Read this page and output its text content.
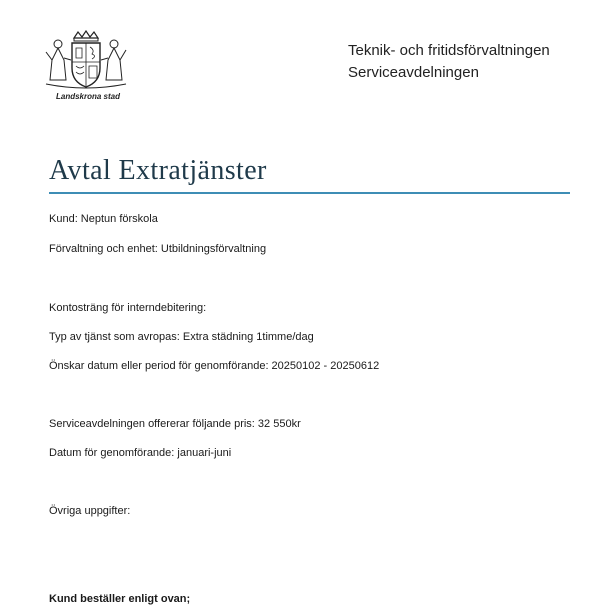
Landskrona stad
Teknik- och fritidsförvaltningen
Serviceavdelningen
Avtal Extratjänster
Kund: Neptun förskola
Förvaltning och enhet: Utbildningsförvaltning
Kontosträng för interndebitering:
Typ av tjänst som avropas: Extra städning 1timme/dag
Önskar datum eller period för genomförande: 20250102 - 20250612
Serviceavdelningen offererar följande pris: 32 550kr
Datum för genomförande: januari-juni
Övriga uppgifter:
Kund beställer enligt ovan;
